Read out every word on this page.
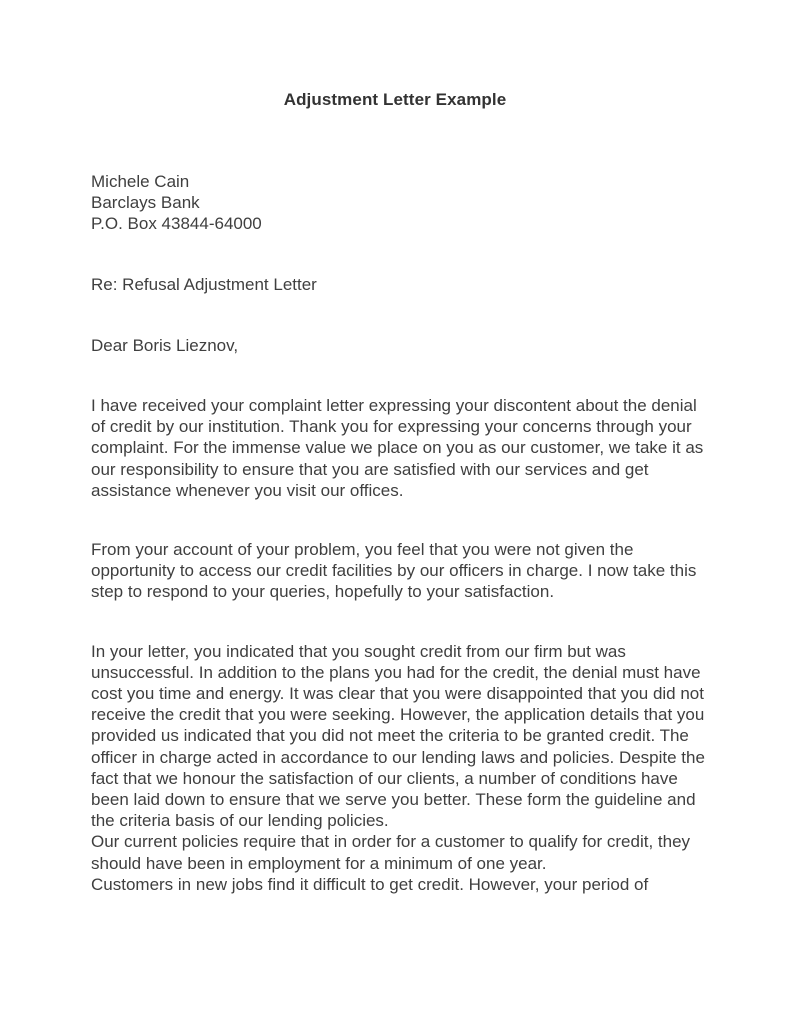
Adjustment Letter Example
Michele Cain
Barclays Bank
P.O. Box 43844-64000
Re: Refusal Adjustment Letter
Dear Boris Lieznov,
I have received your complaint letter expressing your discontent about the denial of credit by our institution. Thank you for expressing your concerns through your complaint. For the immense value we place on you as our customer, we take it as our responsibility to ensure that you are satisfied with our services and get assistance whenever you visit our offices.
From your account of your problem, you feel that you were not given the opportunity to access our credit facilities by our officers in charge. I now take this step to respond to your queries, hopefully to your satisfaction.
In your letter, you indicated that you sought credit from our firm but was unsuccessful. In addition to the plans you had for the credit, the denial must have cost you time and energy. It was clear that you were disappointed that you did not receive the credit that you were seeking. However, the application details that you provided us indicated that you did not meet the criteria to be granted credit. The officer in charge acted in accordance to our lending laws and policies. Despite the fact that we honour the satisfaction of our clients, a number of conditions have been laid down to ensure that we serve you better. These form the guideline and the criteria basis of our lending policies.
Our current policies require that in order for a customer to qualify for credit, they should have been in employment for a minimum of one year.
Customers in new jobs find it difficult to get credit. However, your period of
